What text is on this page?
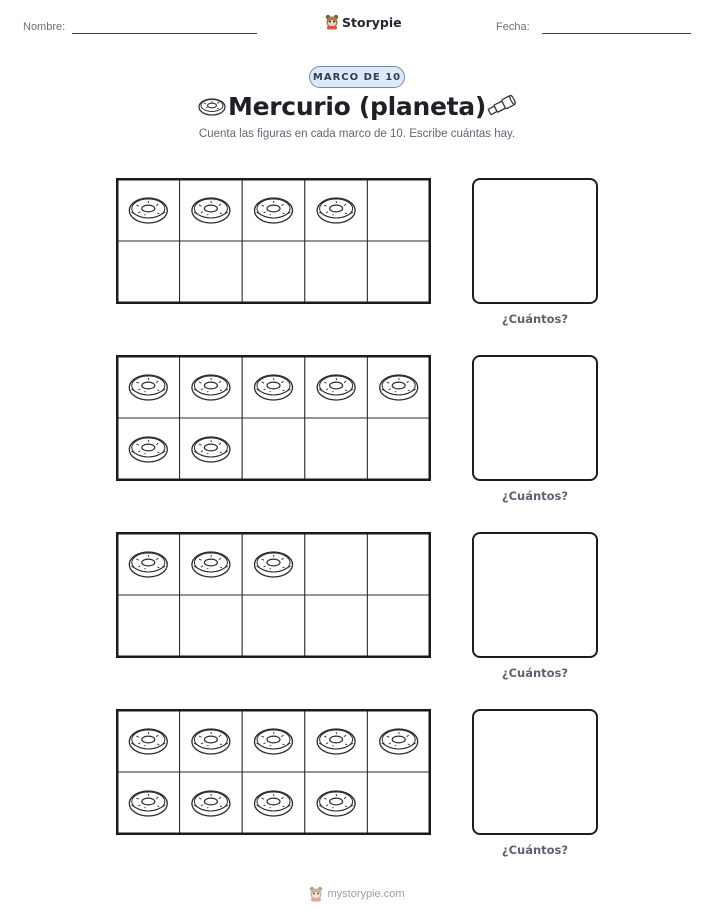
Nombre:	Storypie	Fecha:
MARCO DE 10
Mercurio (planeta)
Cuenta las figuras en cada marco de 10. Escribe cuántas hay.
¿Cuántos?
¿Cuántos?
¿Cuántos?
¿Cuántos?
mystorypie.com
